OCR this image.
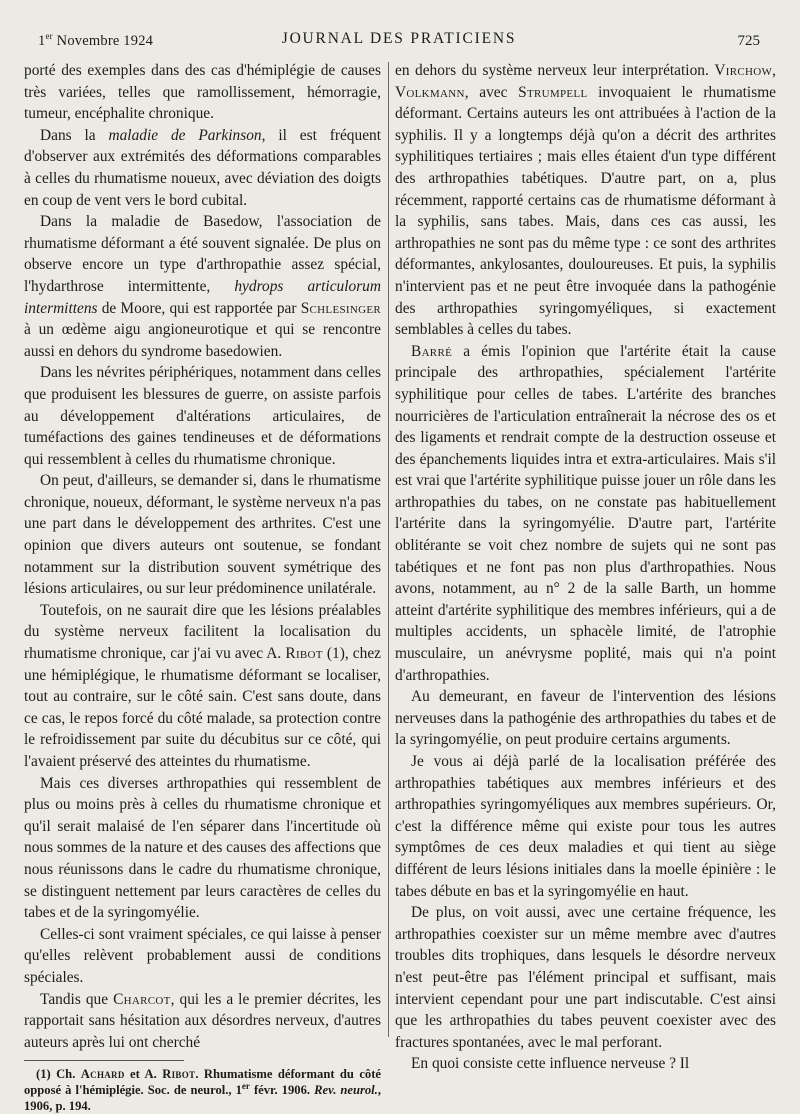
1er Novembre 1924	JOURNAL DES PRATICIENS	725

porté des exemples dans des cas d'hémiplégie de causes très variées, telles que ramollissement, hémorragie, tumeur, encéphalite chronique.

Dans la maladie de Parkinson, il est fréquent d'observer aux extrémités des déformations comparables à celles du rhumatisme noueux, avec déviation des doigts en coup de vent vers le bord cubital.

Dans la maladie de Basedow, l'association de rhumatisme déformant a été souvent signalée. De plus on observe encore un type d'arthropathie assez spécial, l'hydarthrose intermittente, hydrops articulorum intermittens de Moore, qui est rapportée par Schlesinger à un œdème aigu angioneurotique et qui se rencontre aussi en dehors du syndrome basedowien.

Dans les névrites périphériques, notamment dans celles que produisent les blessures de guerre, on assiste parfois au développement d'altérations articulaires, de tuméfactions des gaines tendineuses et de déformations qui ressemblent à celles du rhumatisme chronique.

On peut, d'ailleurs, se demander si, dans le rhumatisme chronique, noueux, déformant, le système nerveux n'a pas une part dans le développement des arthrites. C'est une opinion que divers auteurs ont soutenue, se fondant notamment sur la distribution souvent symétrique des lésions articulaires, ou sur leur prédominence unilatérale.

Toutefois, on ne saurait dire que les lésions préalables du système nerveux facilitent la localisation du rhumatisme chronique, car j'ai vu avec A. Ribot (1), chez une hémiplégique, le rhumatisme déformant se localiser, tout au contraire, sur le côté sain. C'est sans doute, dans ce cas, le repos forcé du côté malade, sa protection contre le refroidissement par suite du décubitus sur ce côté, qui l'avaient préservé des atteintes du rhumatisme.

Mais ces diverses arthropathies qui ressemblent de plus ou moins près à celles du rhumatisme chronique et qu'il serait malaisé de l'en séparer dans l'incertitude où nous sommes de la nature et des causes des affections que nous réunissons dans le cadre du rhumatisme chronique, se distinguent nettement par leurs caractères de celles du tabes et de la syringomyélie.

Celles-ci sont vraiment spéciales, ce qui laisse à penser qu'elles relèvent probablement aussi de conditions spéciales.

Tandis que Charcot, qui les a le premier décrites, les rapportait sans hésitation aux désordres nerveux, d'autres auteurs après lui ont cherché

(1) Ch. Achard et A. Ribot. Rhumatisme déformant du côté opposé à l'hémiplégie. Soc. de neurol., 1er févr. 1906. Rev. neurol., 1906, p. 194.

en dehors du système nerveux leur interprétation. Virchow, Volkmann, avec Strumpell invoquaient le rhumatisme déformant. Certains auteurs les ont attribuées à l'action de la syphilis. Il y a longtemps déjà qu'on a décrit des arthrites syphilitiques tertiaires ; mais elles étaient d'un type différent des arthropathies tabétiques. D'autre part, on a, plus récemment, rapporté certains cas de rhumatisme déformant à la syphilis, sans tabes. Mais, dans ces cas aussi, les arthropathies ne sont pas du même type : ce sont des arthrites déformantes, ankylosantes, douloureuses. Et puis, la syphilis n'intervient pas et ne peut être invoquée dans la pathogénie des arthropathies syringomyéliques, si exactement semblables à celles du tabes.

Barré a émis l'opinion que l'artérite était la cause principale des arthropathies, spécialement l'artérite syphilitique pour celles de tabes. L'artérite des branches nourricières de l'articulation entraînerait la nécrose des os et des ligaments et rendrait compte de la destruction osseuse et des épanchements liquides intra et extra-articulaires. Mais s'il est vrai que l'artérite syphilitique puisse jouer un rôle dans les arthropathies du tabes, on ne constate pas habituellement l'artérite dans la syringomyélie. D'autre part, l'artérite oblitérante se voit chez nombre de sujets qui ne sont pas tabétiques et ne font pas non plus d'arthropathies. Nous avons, notamment, au n° 2 de la salle Barth, un homme atteint d'artérite syphilitique des membres inférieurs, qui a de multiples accidents, un sphacèle limité, de l'atrophie musculaire, un anévrysme poplité, mais qui n'a point d'arthropathies.

Au demeurant, en faveur de l'intervention des lésions nerveuses dans la pathogénie des arthropathies du tabes et de la syringomyélie, on peut produire certains arguments.

Je vous ai déjà parlé de la localisation préférée des arthropathies tabétiques aux membres inférieurs et des arthropathies syringomyéliques aux membres supérieurs. Or, c'est la différence même qui existe pour tous les autres symptômes de ces deux maladies et qui tient au siège différent de leurs lésions initiales dans la moelle épinière : le tabes débute en bas et la syringomyélie en haut.

De plus, on voit aussi, avec une certaine fréquence, les arthropathies coexister sur un même membre avec d'autres troubles dits trophiques, dans lesquels le désordre nerveux n'est peut-être pas l'élément principal et suffisant, mais intervient cependant pour une part indiscutable. C'est ainsi que les arthropathies du tabes peuvent coexister avec des fractures spontanées, avec le mal perforant.

En quoi consiste cette influence nerveuse ? Il
